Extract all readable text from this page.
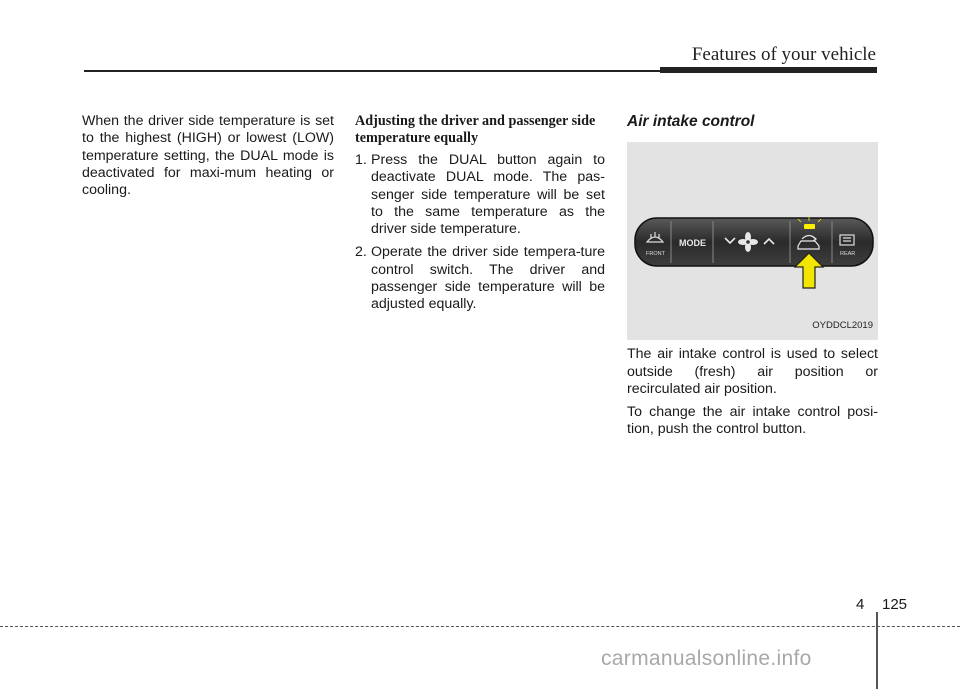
Features of your vehicle

When the driver side temperature is set to the highest (HIGH) or lowest (LOW) temperature setting, the DUAL mode is deactivated for maxi-mum heating or cooling.

Adjusting the driver and passenger side temperature equally

1. Press the DUAL button again to deactivate DUAL mode. The pas-senger side temperature will be set to the same temperature as the driver side temperature.
2. Operate the driver side tempera-ture control switch. The driver and passenger side temperature will be adjusted equally.

Air intake control

FRONT
MODE
REAR
OYDDCL2019

The air intake control is used to select outside (fresh) air position or recirculated air position.

To change the air intake control posi-tion, push the control button.

4 125
carmanualsonline.info
